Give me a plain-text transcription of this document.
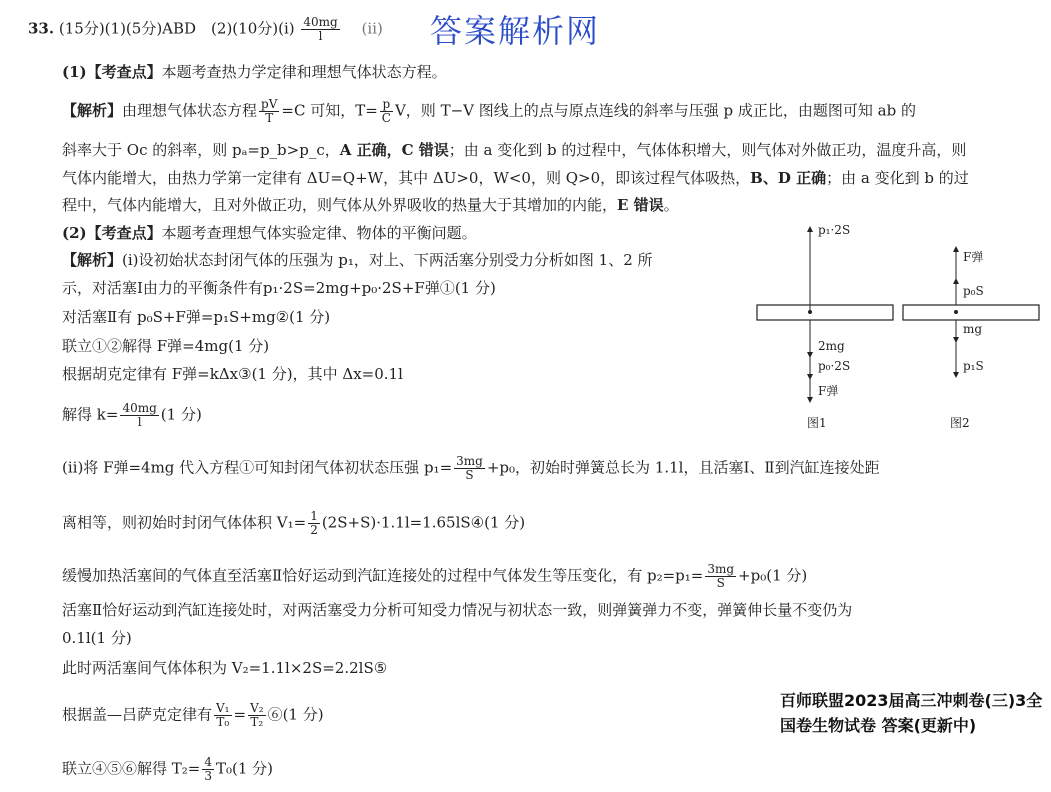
答案解析网
33. (15分)(1)(5分)ABD　(2)(10分)(ⅰ) $\frac{40mg}{l}$ 　(ⅱ)
(1)【考查点】本题考查热力学定律和理想气体状态方程。
【解析】由理想气体状态方程 $\frac{pV}{T} =C$ 可知，$T= \frac{p}{C}$ V，则 T−V 图线上的点与原点连线的斜率与压强 p 成正比，由题图可知 ab 的
斜率大于 Oc 的斜率，则 pₐ=p_b>p_c，A 正确，C 错误；由 a 变化到 b 的过程中，气体体积增大，则气体对外做正功，温度升高，则
气体内能增大，由热力学第一定律有 ΔU=Q+W，其中 ΔU>0，W<0，则 Q>0，即该过程气体吸热，B、D 正确；由 a 变化到 b 的过
程中，气体内能增大，且对外做正功，则气体从外界吸收的热量大于其增加的内能，E 错误。
(2)【考查点】本题考查理想气体实验定律、物体的平衡问题。
【解析】(ⅰ)设初始状态封闭气体的压强为 p₁，对上、下两活塞分别受力分析如图 1、2 所
示，对活塞Ⅰ由力的平衡条件有p₁·2S=2mg+p₀·2S+F弹①(1 分)
对活塞Ⅱ有 p₀S+F弹=p₁S+mg②(1 分)
联立①②解得 F弹=4mg(1 分)
根据胡克定律有 F弹=kΔx③(1 分)，其中 Δx=0.1l
解得 $k= \frac{40mg}{l} (1$ 分)
(ⅱ)将 F弹=4mg 代入方程①可知封闭气体初状态压强 $p_1= \frac{3mg}{S} +p_0$，初始时弹簧总长为 1.1l，且活塞Ⅰ、Ⅱ到汽缸连接处距
离相等，则初始时封闭气体体积 $V_1= \frac{1}{2}$ (2S+S)·1.1l=1.65lS④(1 分)
缓慢加热活塞间的气体直至活塞Ⅱ恰好运动到汽缸连接处的过程中气体发生等压变化，有 $p_2=p_1= \frac{3mg}{S} +p_0(1$ 分)
活塞Ⅱ恰好运动到汽缸连接处时，对两活塞受力分析可知受力情况与初状态一致，则弹簧弹力不变，弹簧伸长量不变仍为
0.1l(1 分)
此时两活塞间气体体积为 V₂=1.1l×2S=2.2lS⑤
根据盖—吕萨克定律有 $\frac{\text{V₁}}{\text{T₀}} = \frac{\text{V₂}}{\text{T₂}}$ ⑥(1 分)
联立④⑤⑥解得 $T_2= \frac{4}{3} T_0(1$ 分)
p₁·2S
2mg
p₀·2S
F弹
图1
F弹
p₀S
mg
p₁S
图2
百师联盟2023届高三冲刺卷(三)3全国卷生物试卷 答案(更新中)
